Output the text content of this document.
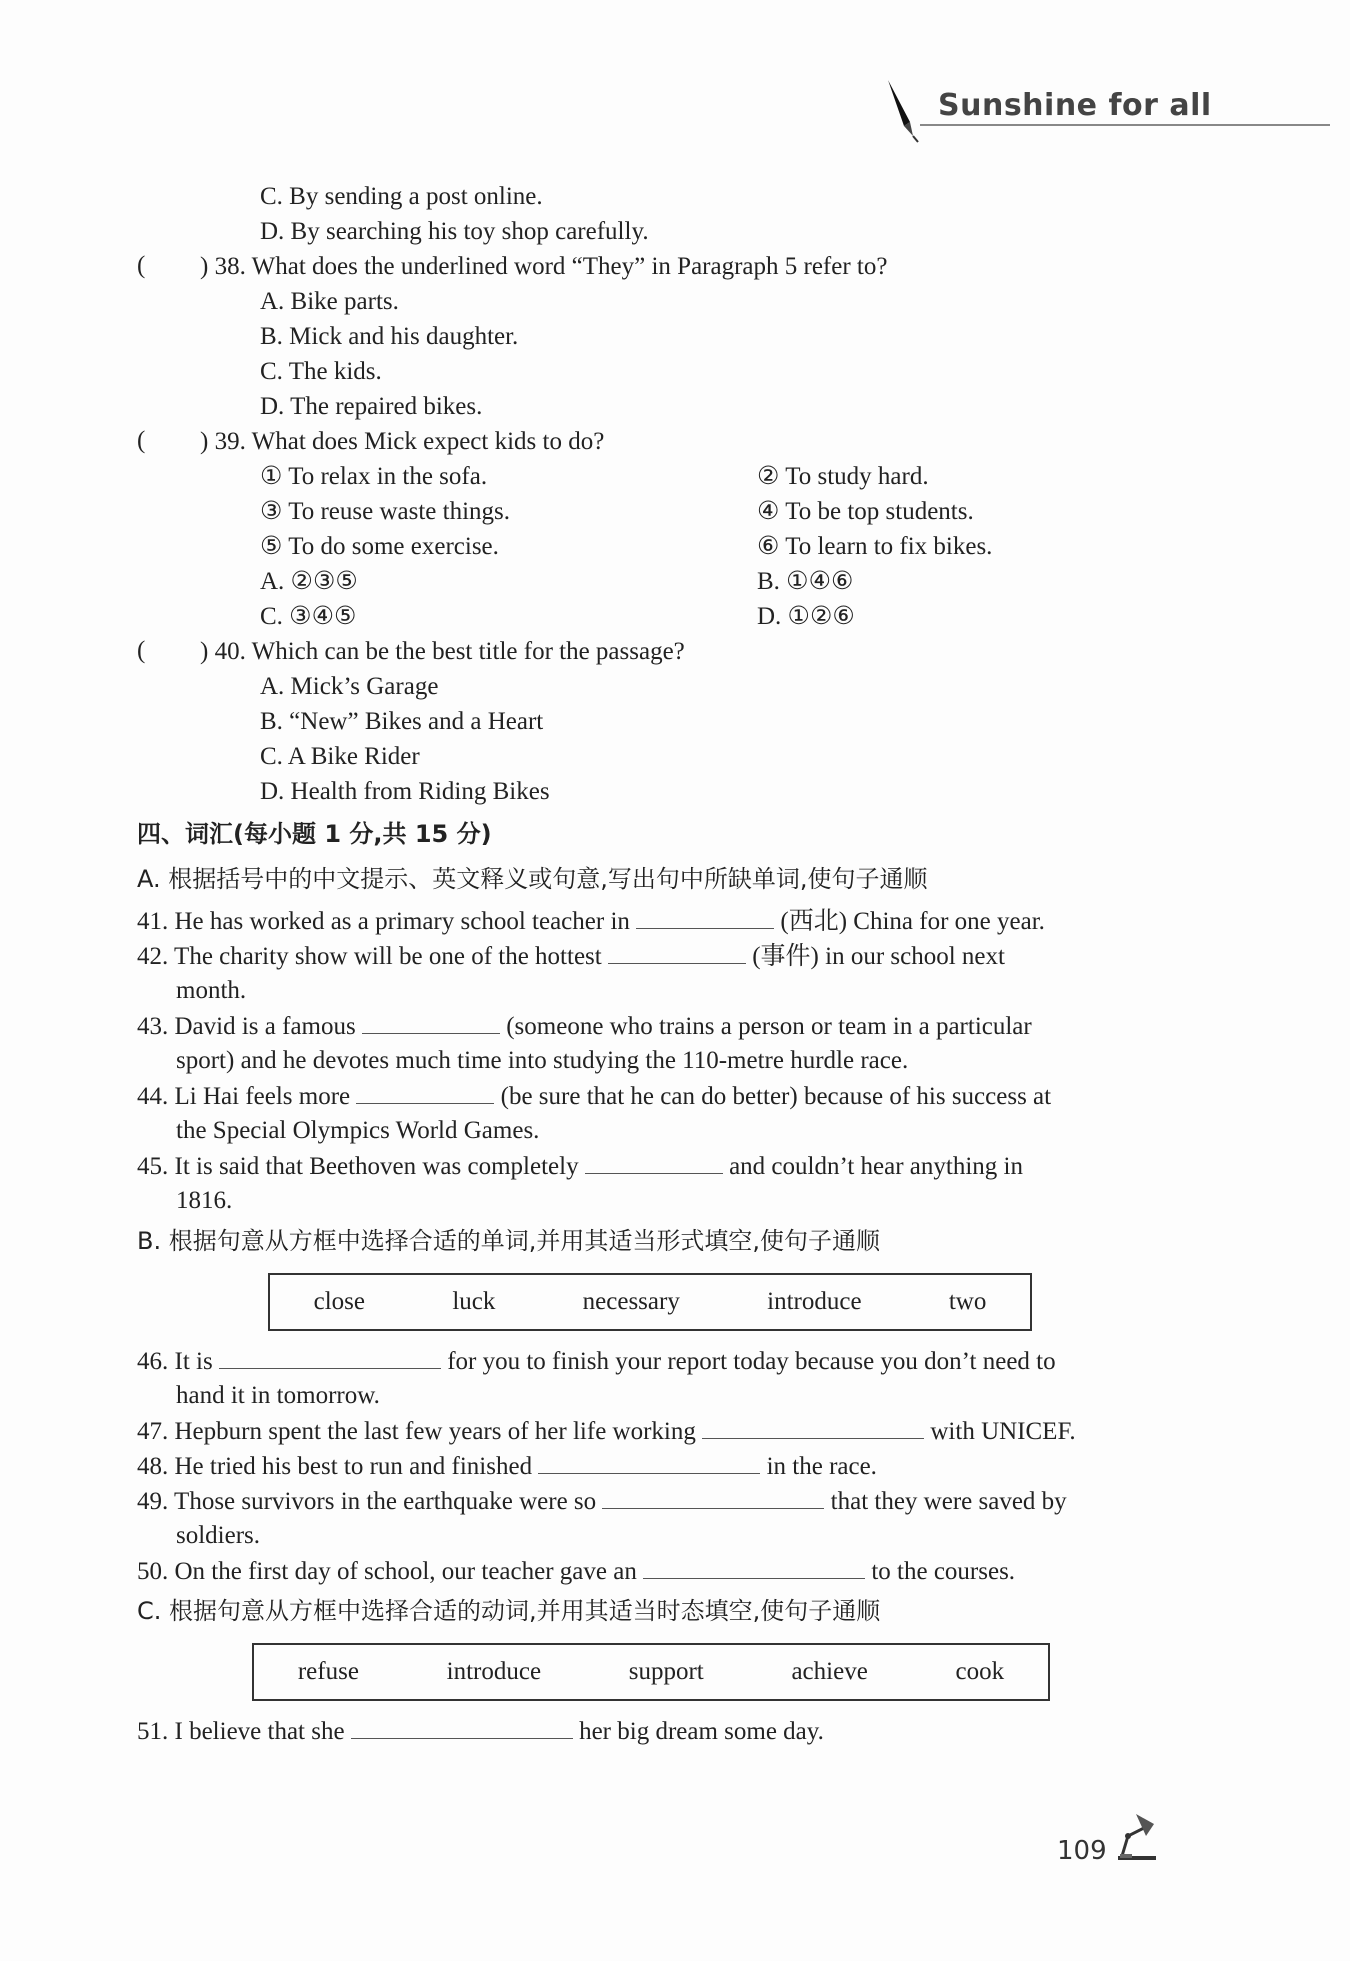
Sunshine for all
C. By sending a post online.
D. By searching his toy shop carefully.
( ) 38. What does the underlined word “They” in Paragraph 5 refer to?
A. Bike parts.
B. Mick and his daughter.
C. The kids.
D. The repaired bikes.
( ) 39. What does Mick expect kids to do?
① To relax in the sofa.	② To study hard.
③ To reuse waste things.	④ To be top students.
⑤ To do some exercise.	⑥ To learn to fix bikes.
A. ②③⑤	B. ①④⑥
C. ③④⑤	D. ①②⑥
( ) 40. Which can be the best title for the passage?
A. Mick’s Garage
B. “New” Bikes and a Heart
C. A Bike Rider
D. Health from Riding Bikes
四、词汇(每小题 1 分,共 15 分)
A. 根据括号中的中文提示、英文释义或句意,写出句中所缺单词,使句子通顺
41. He has worked as a primary school teacher in	(西北) China for one year.
42. The charity show will be one of the hottest	(事件) in our school next
month.
43. David is a famous	(someone who trains a person or team in a particular
sport) and he devotes much time into studying the 110-metre hurdle race.
44. Li Hai feels more	(be sure that he can do better) because of his success at
the Special Olympics World Games.
45. It is said that Beethoven was completely	and couldn’t hear anything in
1816.
B. 根据句意从方框中选择合适的单词,并用其适当形式填空,使句子通顺
close	luck	necessary	introduce	two
46. It is	for you to finish your report today because you don’t need to
hand it in tomorrow.
47. Hepburn spent the last few years of her life working	with UNICEF.
48. He tried his best to run and finished	in the race.
49. Those survivors in the earthquake were so	that they were saved by
soldiers.
50. On the first day of school, our teacher gave an	to the courses.
C. 根据句意从方框中选择合适的动词,并用其适当时态填空,使句子通顺
refuse	introduce	support	achieve	cook
51. I believe that she	her big dream some day.
109
